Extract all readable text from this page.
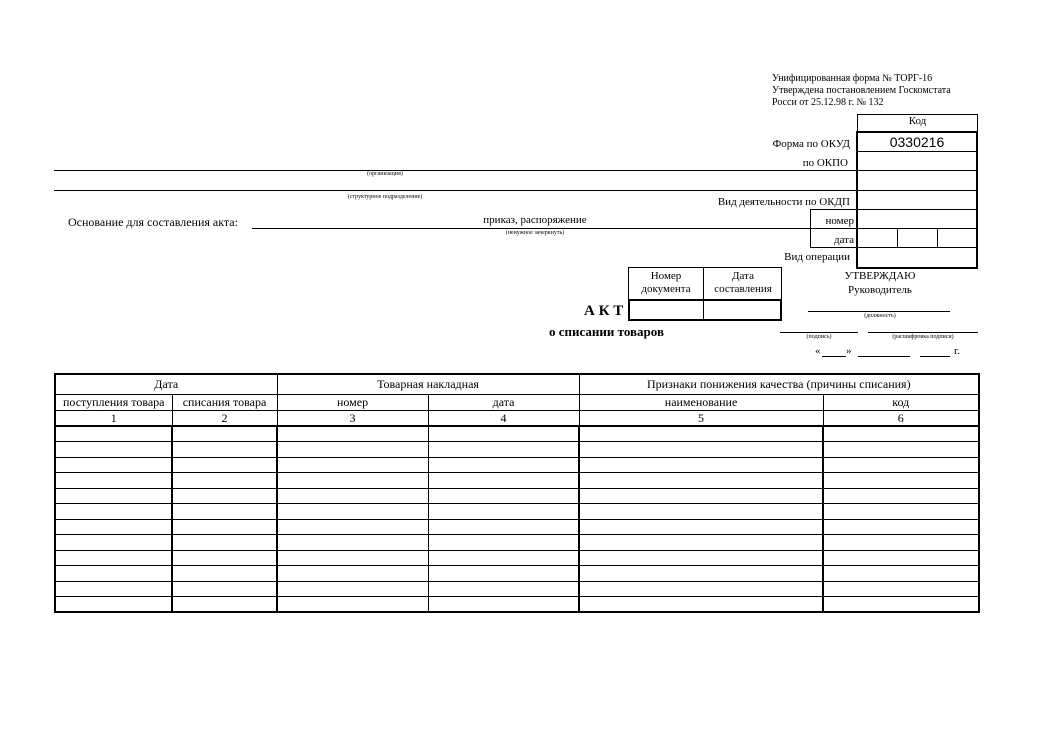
Унифицированная форма № ТОРГ-16
Утверждена постановлением Госкомстата
Росси от 25.12.98 г. № 132
Код
0330216
Форма по ОКУД
по ОКПО
Вид деятельности по ОКДП
номер
дата
Вид операции
(организация)
(структурное подразделение)
Основание для составления акта:	приказ, распоряжение
(ненужное зачеркнуть)
Номер документа
Дата составления
А К Т
о списании товаров
УТВЕРЖДАЮ
Руководитель
(должность)
(подпись)	(расшифровка подписи)
« »	г.
Дата		Товарная накладная		Признаки понижения качества (причины списания)	
поступления товара	списания товара	номер	дата	наименование	код
1	2	3	4	5	6
